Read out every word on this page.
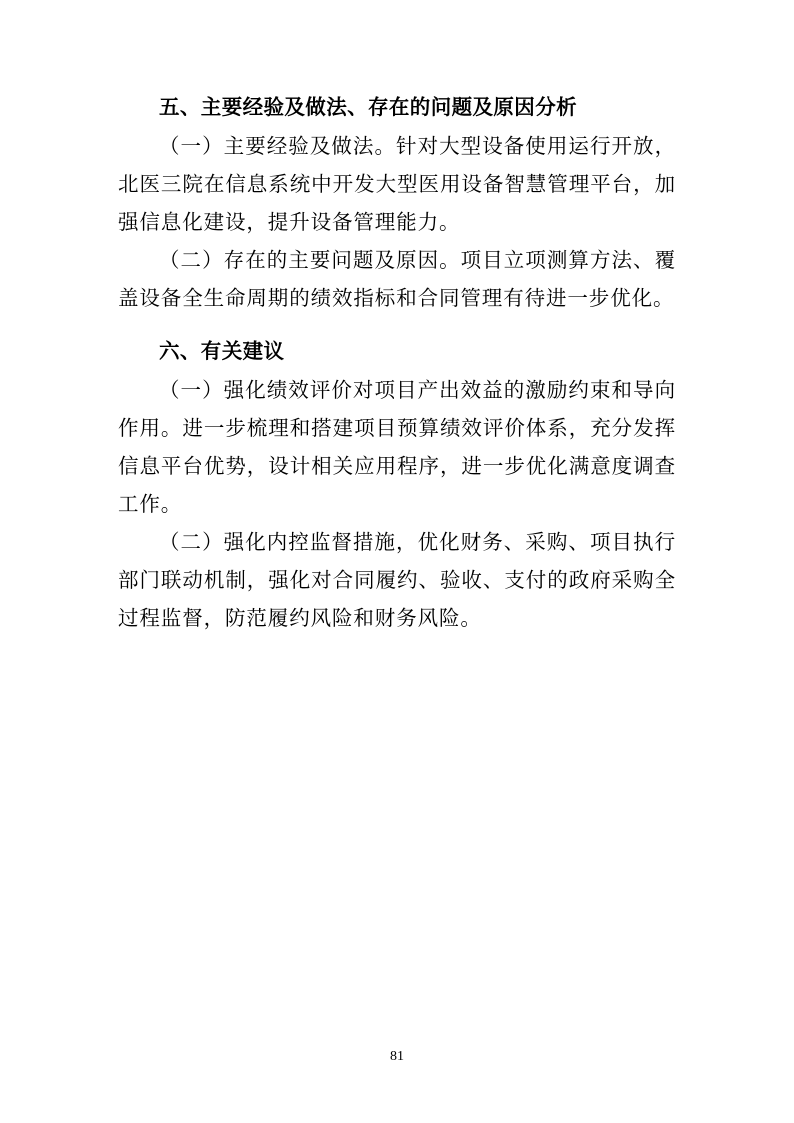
五、主要经验及做法、存在的问题及原因分析

（一）主要经验及做法。针对大型设备使用运行开放，北医三院在信息系统中开发大型医用设备智慧管理平台，加强信息化建设，提升设备管理能力。

（二）存在的主要问题及原因。项目立项测算方法、覆盖设备全生命周期的绩效指标和合同管理有待进一步优化。

六、有关建议

（一）强化绩效评价对项目产出效益的激励约束和导向作用。进一步梳理和搭建项目预算绩效评价体系，充分发挥信息平台优势，设计相关应用程序，进一步优化满意度调查工作。

（二）强化内控监督措施，优化财务、采购、项目执行部门联动机制，强化对合同履约、验收、支付的政府采购全过程监督，防范履约风险和财务风险。

81
